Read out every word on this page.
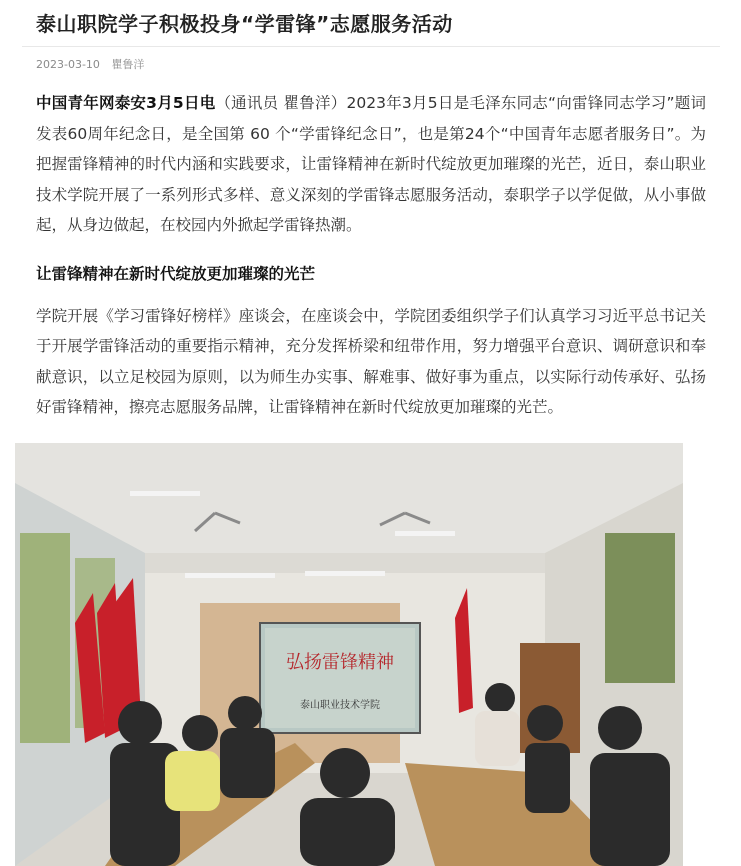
泰山职院学子积极投身“学雷锋”志愿服务活动
2023-03-10 瞿鲁洋

中国青年网泰安3月5日电（通讯员 瞿鲁洋）2023年3月5日是毛泽东同志“向雷锋同志学习”题词发表60周年纪念日，是全国第 60 个“学雷锋纪念日”，也是第24个“中国青年志愿者服务日”。为把握雷锋精神的时代内涵和实践要求，让雷锋精神在新时代绽放更加璀璨的光芒，近日，泰山职业技术学院开展了一系列形式多样、意义深刻的学雷锋志愿服务活动，泰职学子以学促做，从小事做起，从身边做起，在校园内外掀起学雷锋热潮。

让雷锋精神在新时代绽放更加璀璨的光芒

学院开展《学习雷锋好榜样》座谈会，在座谈会中，学院团委组织学子们认真学习习近平总书记关于开展学雷锋活动的重要指示精神，充分发挥桥梁和纽带作用，努力增强平台意识、调研意识和奉献意识，以立足校园为原则，以为师生办实事、解难事、做好事为重点，以实际行动传承好、弘扬好雷锋精神，擦亮志愿服务品牌，让雷锋精神在新时代绽放更加璀璨的光芒。

弘扬雷锋精神
泰山职业技术学院
